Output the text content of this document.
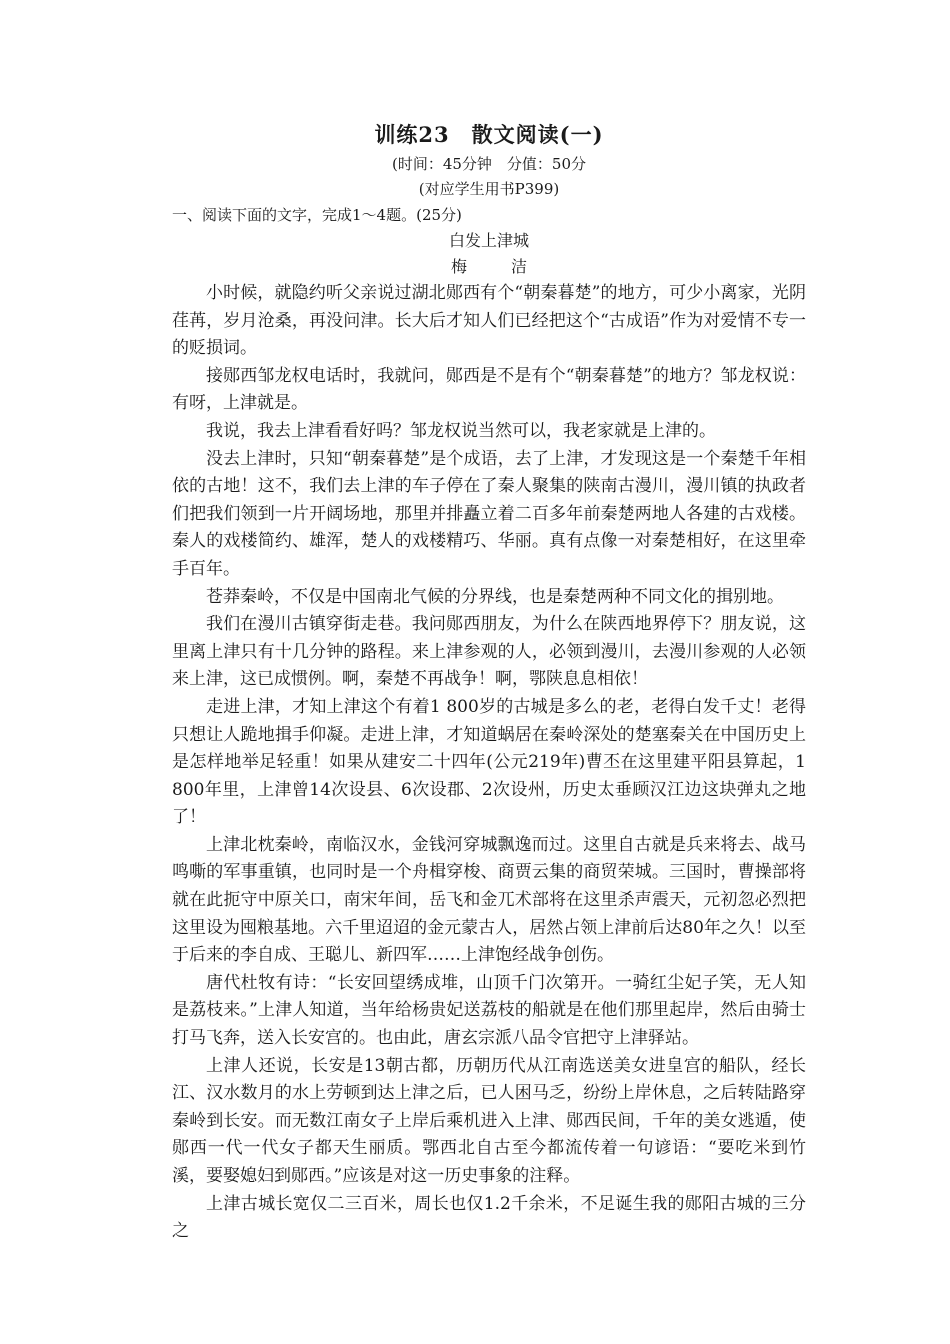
训练23　散文阅读(一)

(时间：45分钟　分值：50分

(对应学生用书P399)

一、阅读下面的文字，完成1～4题。(25分)

白发上津城

梅　洁

小时候，就隐约听父亲说过湖北郧西有个“朝秦暮楚”的地方，可少小离家，光阴荏苒，岁月沧桑，再没问津。长大后才知人们已经把这个“古成语”作为对爱情不专一的贬损词。

接郧西邹龙权电话时，我就问，郧西是不是有个“朝秦暮楚”的地方？邹龙权说：有呀，上津就是。

我说，我去上津看看好吗？邹龙权说当然可以，我老家就是上津的。

没去上津时，只知“朝秦暮楚”是个成语，去了上津，才发现这是一个秦楚千年相依的古地！这不，我们去上津的车子停在了秦人聚集的陕南古漫川，漫川镇的执政者们把我们领到一片开阔场地，那里并排矗立着二百多年前秦楚两地人各建的古戏楼。秦人的戏楼简约、雄浑，楚人的戏楼精巧、华丽。真有点像一对秦楚相好，在这里牵手百年。

苍莽秦岭，不仅是中国南北气候的分界线，也是秦楚两种不同文化的揖别地。

我们在漫川古镇穿街走巷。我问郧西朋友，为什么在陕西地界停下？朋友说，这里离上津只有十几分钟的路程。来上津参观的人，必领到漫川，去漫川参观的人必领来上津，这已成惯例。啊，秦楚不再战争！啊，鄂陕息息相依！

走进上津，才知上津这个有着1 800岁的古城是多么的老，老得白发千丈！老得只想让人跪地揖手仰凝。走进上津，才知道蜗居在秦岭深处的楚塞秦关在中国历史上是怎样地举足轻重！如果从建安二十四年(公元219年)曹丕在这里建平阳县算起，1 800年里，上津曾14次设县、6次设郡、2次设州，历史太垂顾汉江边这块弹丸之地了！

上津北枕秦岭，南临汉水，金钱河穿城飘逸而过。这里自古就是兵来将去、战马鸣嘶的军事重镇，也同时是一个舟楫穿梭、商贾云集的商贸荣城。三国时，曹操部将就在此扼守中原关口，南宋年间，岳飞和金兀术部将在这里杀声震天，元初忽必烈把这里设为囤粮基地。六千里迢迢的金元蒙古人，居然占领上津前后达80年之久！以至于后来的李自成、王聪儿、新四军……上津饱经战争创伤。

唐代杜牧有诗：“长安回望绣成堆，山顶千门次第开。一骑红尘妃子笑，无人知是荔枝来。”上津人知道，当年给杨贵妃送荔枝的船就是在他们那里起岸，然后由骑士打马飞奔，送入长安宫的。也由此，唐玄宗派八品令官把守上津驿站。

上津人还说，长安是13朝古都，历朝历代从江南选送美女进皇宫的船队，经长江、汉水数月的水上劳顿到达上津之后，已人困马乏，纷纷上岸休息，之后转陆路穿秦岭到长安。而无数江南女子上岸后乘机进入上津、郧西民间，千年的美女逃遁，使郧西一代一代女子都天生丽质。鄂西北自古至今都流传着一句谚语：“要吃米到竹溪，要娶媳妇到郧西。”应该是对这一历史事象的注释。

上津古城长宽仅二三百米，周长也仅1.2千余米，不足诞生我的郧阳古城的三分之
